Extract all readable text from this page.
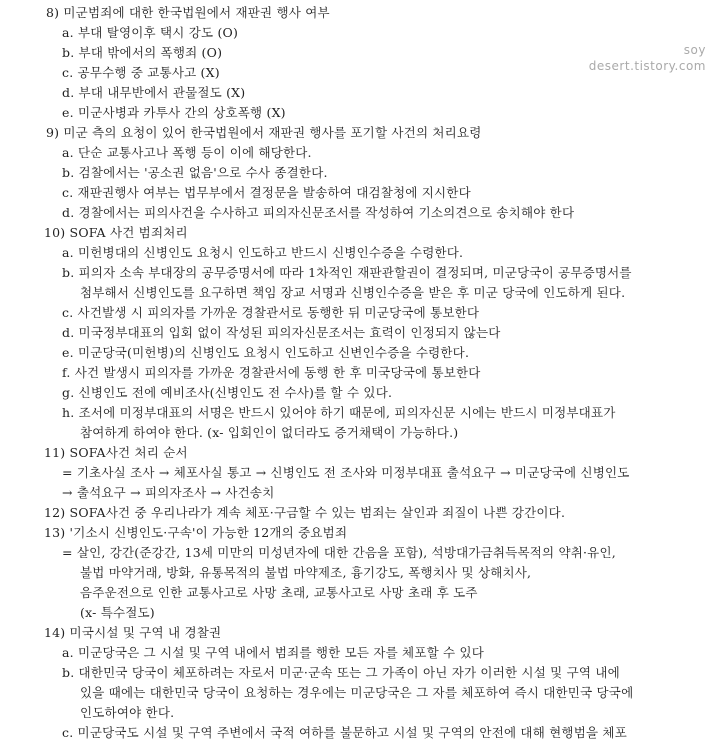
soy
desert.tistory.com
8) 미군범죄에 대한 한국법원에서 재판권 행사 여부
a. 부대 탈영이후 택시 강도 (O)
b. 부대 밖에서의 폭행죄 (O)
c. 공무수행 중 교통사고 (X)
d. 부대 내무반에서 관물절도 (X)
e. 미군사병과 카투사 간의 상호폭행 (X)
9) 미군 측의 요청이 있어 한국법원에서 재판권 행사를 포기할 사건의 처리요령
a. 단순 교통사고나 폭행 등이 이에 해당한다.
b. 검찰에서는 '공소권 없음'으로 수사 종결한다.
c. 재판권행사 여부는 법무부에서 결정문을 발송하여 대검찰청에 지시한다
d. 경찰에서는 피의사건을 수사하고 피의자신문조서를 작성하여 기소의견으로 송치해야 한다
10) SOFA 사건 범죄처리
a. 미헌병대의 신병인도 요청시 인도하고 반드시 신병인수증을 수령한다.
b. 피의자 소속 부대장의 공무증명서에 따라 1차적인 재판관할권이 결정되며, 미군당국이 공무증명서를
첨부해서 신병인도를 요구하면 책임 장교 서명과 신병인수증을 받은 후 미군 당국에 인도하게 된다.
c. 사건발생 시 피의자를 가까운 경찰관서로 동행한 뒤 미군당국에 통보한다
d. 미국정부대표의 입회 없이 작성된 피의자신문조서는 효력이 인정되지 않는다
e. 미군당국(미헌병)의 신병인도 요청시 인도하고 신변인수증을 수령한다.
f. 사건 발생시 피의자를 가까운 경찰관서에 동행 한 후 미국당국에 통보한다
g. 신병인도 전에 예비조사(신병인도 전 수사)를 할 수 있다.
h. 조서에 미정부대표의 서명은 반드시 있어야 하기 때문에, 피의자신문 시에는 반드시 미정부대표가
참여하게 하여야 한다. (x- 입회인이 없더라도 증거채택이 가능하다.)
11) SOFA사건 처리 순서
= 기초사실 조사 → 체포사실 통고 → 신병인도 전 조사와 미정부대표 출석요구 → 미군당국에 신병인도
→ 출석요구 → 피의자조사 → 사건송치
12) SOFA사건 중 우리나라가 계속 체포·구금할 수 있는 범죄는 살인과 죄질이 나쁜 강간이다.
13) '기소시 신병인도·구속'이 가능한 12개의 중요범죄
= 살인, 강간(준강간, 13세 미만의 미성년자에 대한 간음을 포함), 석방대가금취득목적의 약취·유인,
불법 마약거래, 방화, 유통목적의 불법 마약제조, 흉기강도, 폭행치사 및 상해치사,
음주운전으로 인한 교통사고로 사망 초래, 교통사고로 사망 초래 후 도주
(x- 특수절도)
14) 미국시설 및 구역 내 경찰권
a. 미군당국은 그 시설 및 구역 내에서 범죄를 행한 모든 자를 체포할 수 있다
b. 대한민국 당국이 체포하려는 자로서 미군·군속 또는 그 가족이 아닌 자가 이러한 시설 및 구역 내에
있을 때에는 대한민국 당국이 요청하는 경우에는 미군당국은 그 자를 체포하여 즉시 대한민국 당국에
인도하여야 한다.
c. 미군당국도 시설 및 구역 주변에서 국적 여하를 불문하고 시설 및 구역의 안전에 대해 현행범을 체포
